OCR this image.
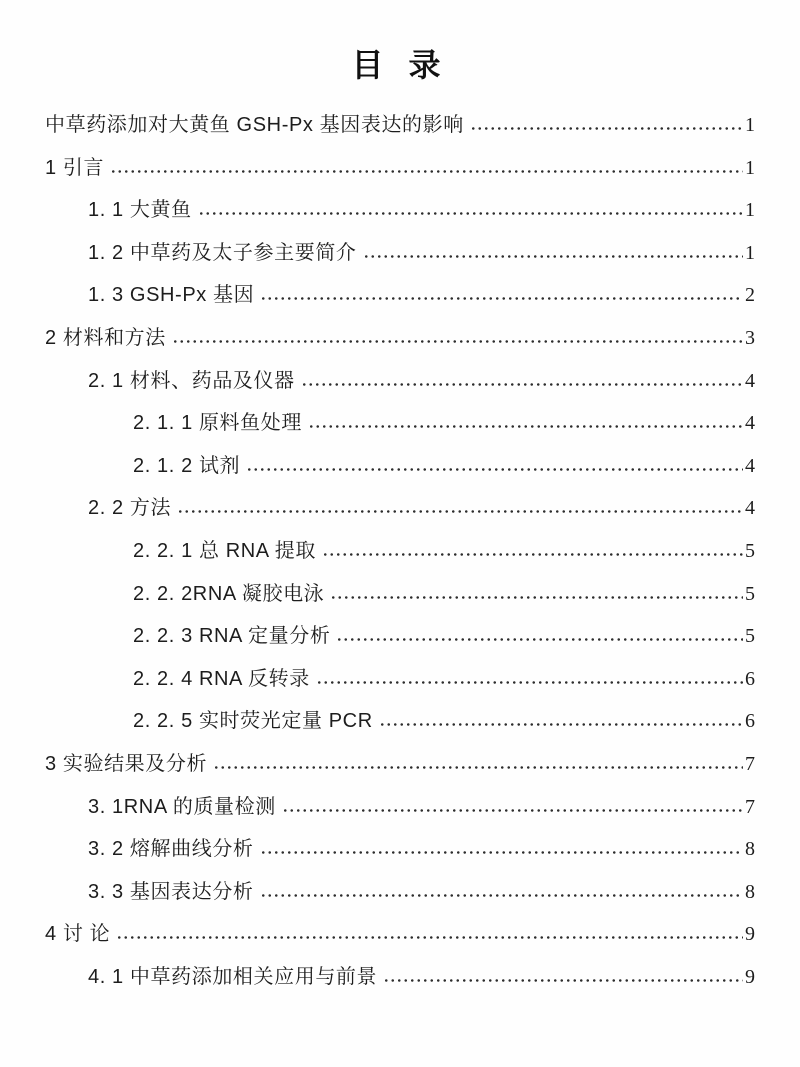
目 录
中草药添加对大黄鱼 GSH-Px 基因表达的影响	1
1 引言	1
1. 1 大黄鱼	1
1. 2 中草药及太子参主要简介	1
1. 3 GSH-Px 基因	2
2 材料和方法	3
2. 1 材料、药品及仪器	4
2. 1. 1 原料鱼处理	4
2. 1. 2 试剂	4
2. 2 方法	4
2. 2. 1 总 RNA 提取	5
2. 2. 2RNA 凝胶电泳	5
2. 2. 3 RNA 定量分析	5
2. 2. 4 RNA 反转录	6
2. 2. 5 实时荧光定量 PCR	6
3 实验结果及分析	7
3. 1RNA 的质量检测	7
3. 2 熔解曲线分析	8
3. 3 基因表达分析	8
4 讨 论	9
4. 1 中草药添加相关应用与前景	9
